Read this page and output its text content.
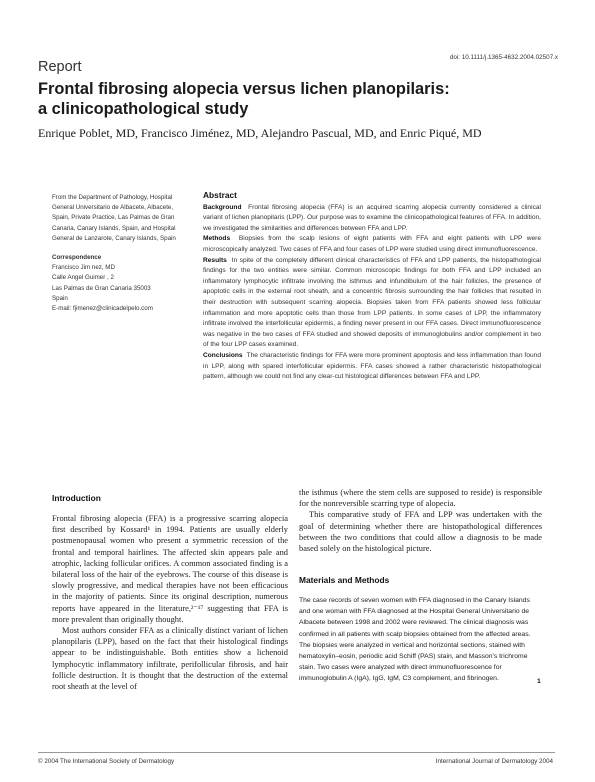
doi: 10.1111/j.1365-4632.2004.02507.x
Report
Frontal fibrosing alopecia versus lichen planopilaris:
a clinicopathological study
Enrique Poblet, MD, Francisco Jiménez, MD, Alejandro Pascual, MD, and Enric Piqué, MD
From the Department of Pathology, Hospital
General Universitario de Albacete, Albacete,
Spain, Private Practice, Las Palmas de Gran
Canaria, Canary Islands, Spain, and Hospital
General de Lanzarote, Canary Islands, Spain
Correspondence
Francisco Jim nez, MD
Calle Angel Guimer , 2
Las Palmas de Gran Canaria 35003
Spain
E-mail: fjimenez@clinicadelpelo.com
Abstract

Background Frontal fibrosing alopecia (FFA) is an acquired scarring alopecia currently considered a clinical variant of lichen planopilaris (LPP). Our purpose was to examine the clinicopathological features of FFA. In addition, we investigated the similarities and differences between FFA and LPP.

Methods Biopsies from the scalp lesions of eight patients with FFA and eight patients with LPP were microscopically analyzed. Two cases of FFA and four cases of LPP were studied using direct immunofluorescence.

Results In spite of the completely different clinical characteristics of FFA and LPP patients, the histopathological findings for the two entities were similar. Common microscopic findings for both FFA and LPP included an inflammatory lymphocytic infiltrate involving the isthmus and infundibulum of the hair follicles, the presence of apoptotic cells in the external root sheath, and a concentric fibrosis surrounding the hair follicles that resulted in their destruction with subsequent scarring alopecia. Biopsies taken from FFA patients showed less follicular inflammation and more apoptotic cells than those from LPP patients. In some cases of LPP, the inflammatory infiltrate involved the interfollicular epidermis, a finding never present in our FFA cases. Direct immunofluorescence was negative in the two cases of FFA studied and showed deposits of immunoglobulins and/or complement in two of the four LPP cases examined.

Conclusions The characteristic findings for FFA were more prominent apoptosis and less inflammation than found in LPP, along with spared interfollicular epidermis. FFA cases showed a rather characteristic histopathological pattern, although we could not find any clear-cut histological differences between FFA and LPP.

Introduction

Frontal fibrosing alopecia (FFA) is a progressive scarring alopecia first described by Kossard¹ in 1994. Patients are usually elderly postmenopausal women who present a symmetric recession of the frontal and temporal hairlines. The affected skin appears pale and atrophic, lacking follicular orifices. A common associated finding is a bilateral loss of the hair of the eyebrows. The course of this disease is slowly progressive, and medical therapies have not been efficacious in the majority of patients. Since its original description, numerous reports have appeared in the literature,²⁻¹⁷ suggesting that FFA is more prevalent than originally thought.

Most authors consider FFA as a clinically distinct variant of lichen planopilaris (LPP), based on the fact that their histological findings appear to be indistinguishable. Both entities show a lichenoid lymphocytic inflammatory infiltrate, perifollicular fibrosis, and hair follicle destruction. It is thought that the destruction of the external root sheath at the level of

the isthmus (where the stem cells are supposed to reside) is responsible for the nonreversible scarring type of alopecia.

This comparative study of FFA and LPP was undertaken with the goal of determining whether there are histopathological differences between the two conditions that could allow a diagnosis to be made based solely on the histological picture.

Materials and Methods

The case records of seven women with FFA diagnosed in the Canary Islands and one woman with FFA diagnosed at the Hospital General Universitario de Albacete between 1998 and 2002 were reviewed. The clinical diagnosis was confirmed in all patients with scalp biopsies obtained from the affected areas. The biopsies were analyzed in vertical and horizontal sections, stained with hematoxylin–eosin, periodic acid Schiff (PAS) stain, and Masson's trichrome stain. Two cases were analyzed with direct immunofluorescence for immunoglobulin A (IgA), IgG, IgM, C3 complement, and fibrinogen.	1
© 2004 The International Society of Dermatology	International Journal of Dermatology 2004
